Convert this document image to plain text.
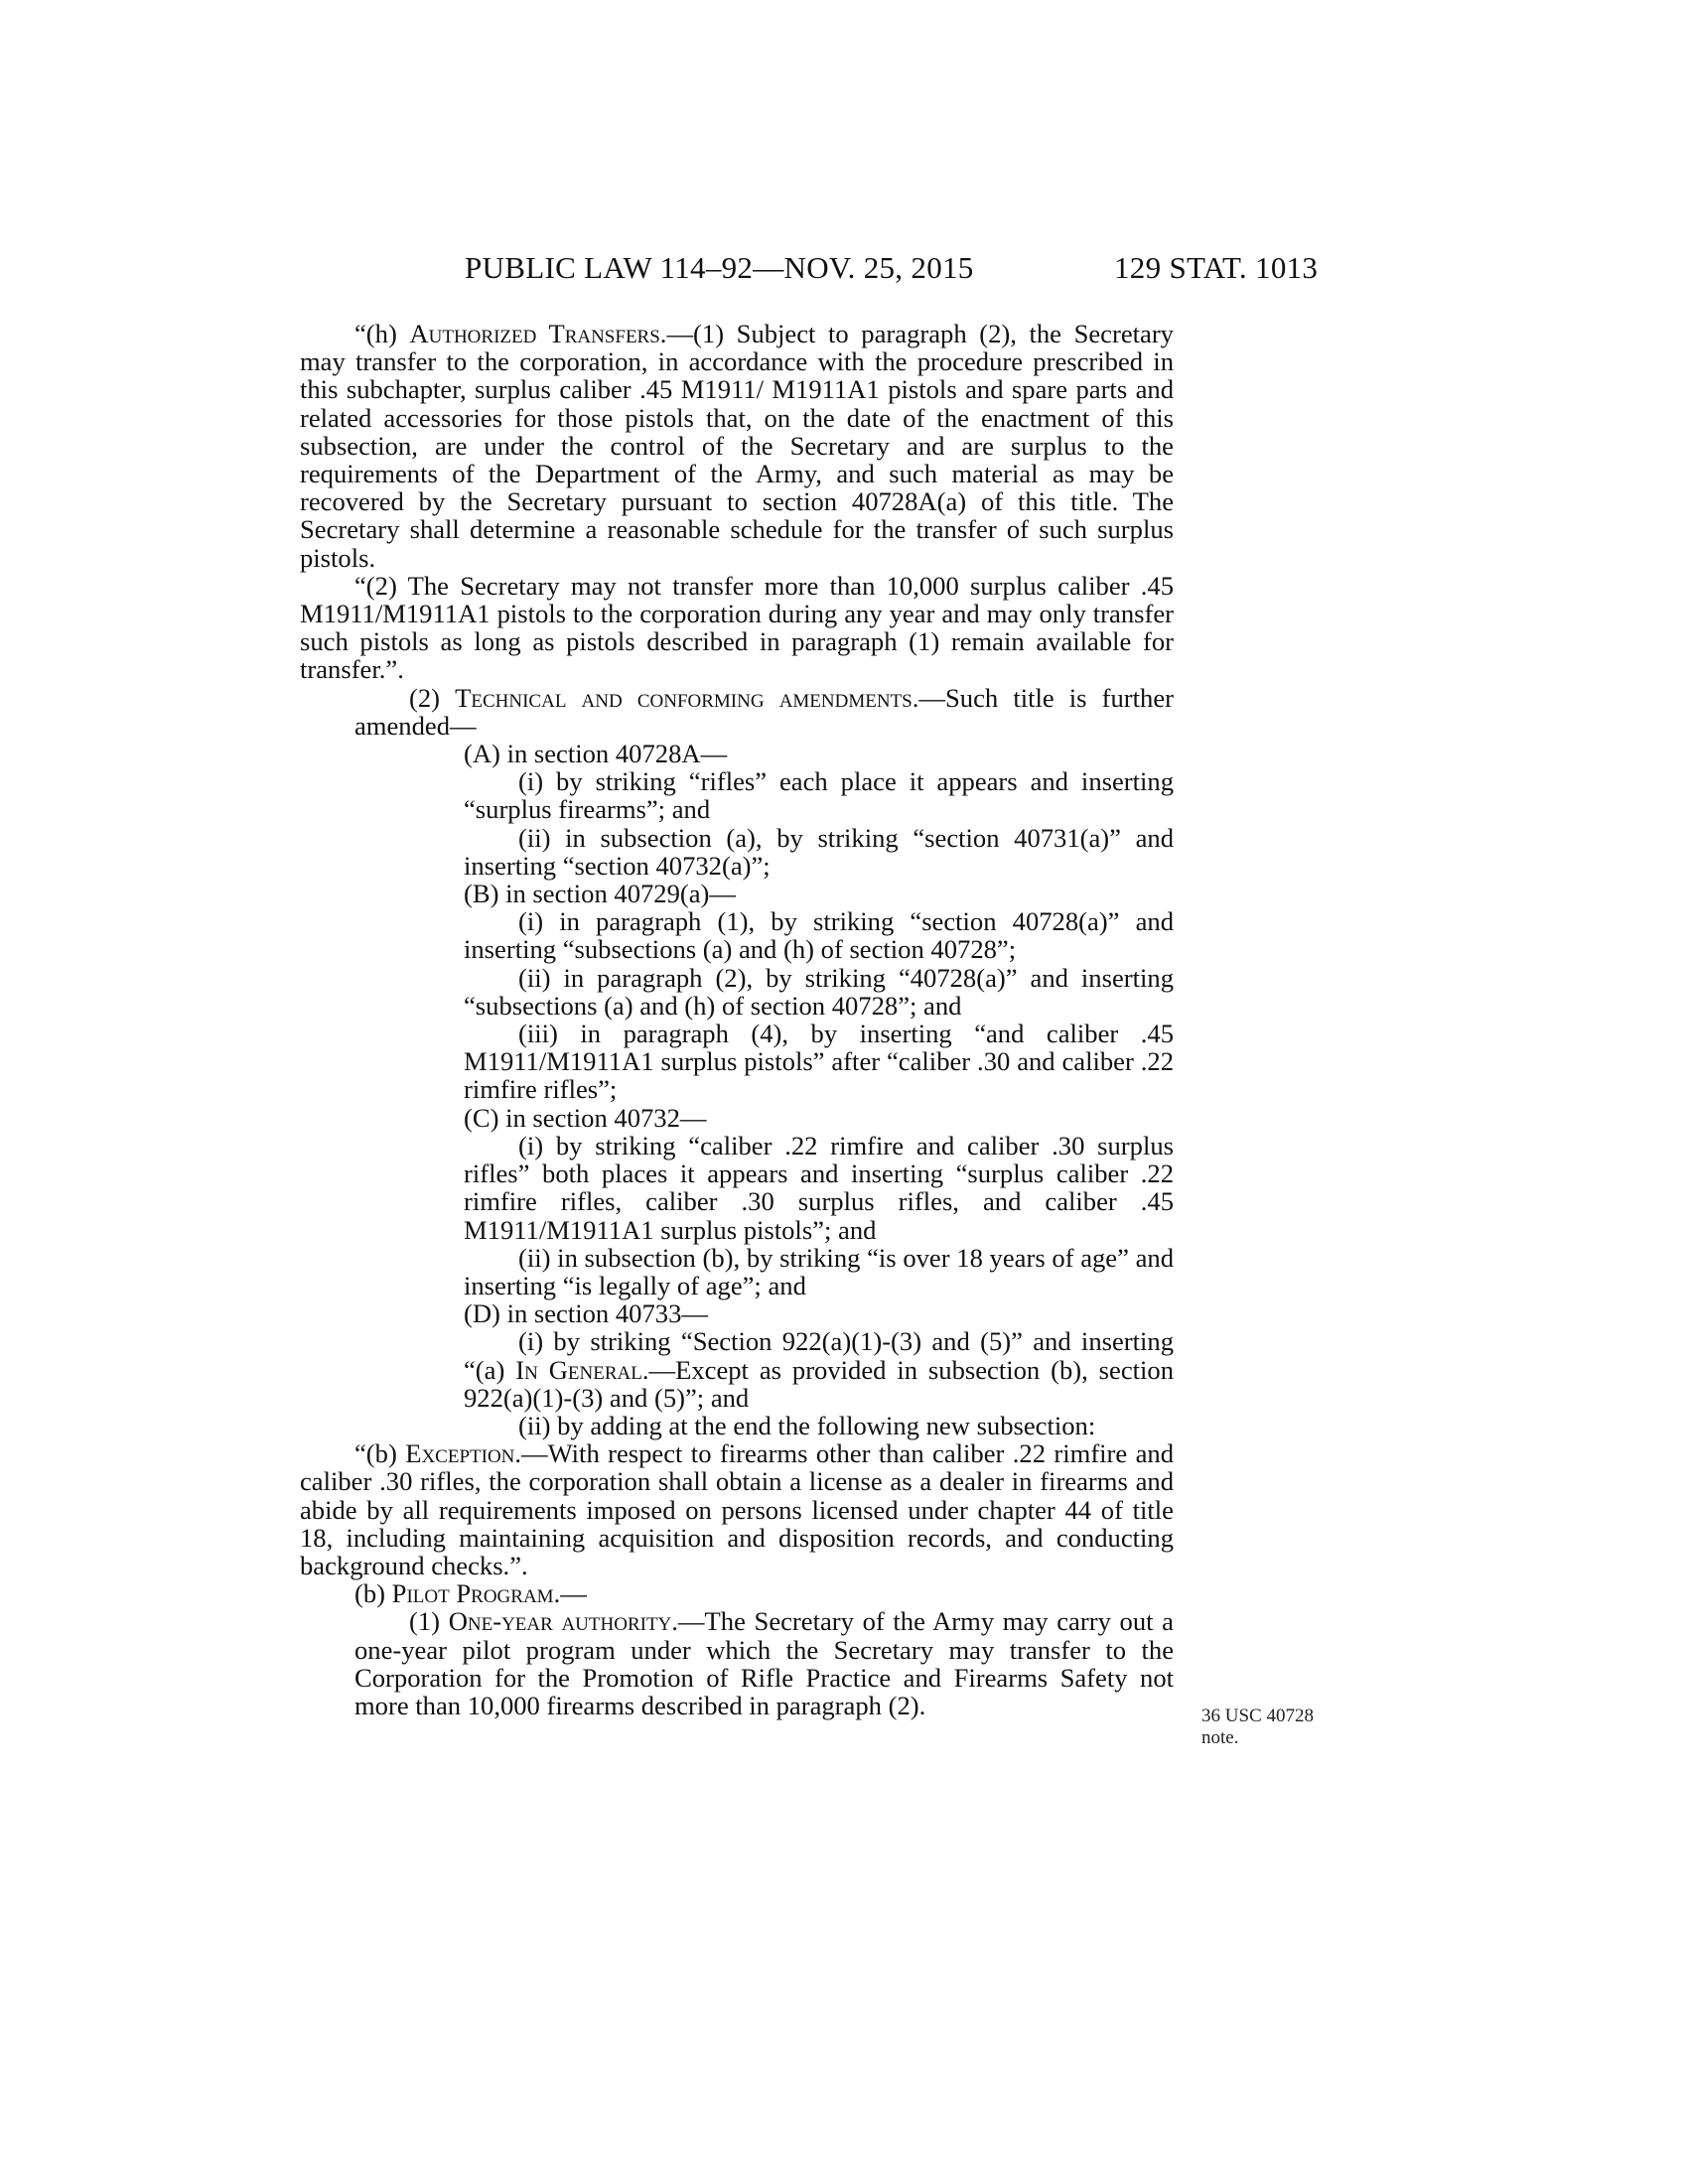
PUBLIC LAW 114–92—NOV. 25, 2015	129 STAT. 1013

“(h) Authorized Transfers.—(1) Subject to paragraph (2), the Secretary may transfer to the corporation, in accordance with the procedure prescribed in this subchapter, surplus caliber .45 M1911/ M1911A1 pistols and spare parts and related accessories for those pistols that, on the date of the enactment of this subsection, are under the control of the Secretary and are surplus to the requirements of the Department of the Army, and such material as may be recovered by the Secretary pursuant to section 40728A(a) of this title. The Secretary shall determine a reasonable schedule for the transfer of such surplus pistols.

“(2) The Secretary may not transfer more than 10,000 surplus caliber .45 M1911/M1911A1 pistols to the corporation during any year and may only transfer such pistols as long as pistols described in paragraph (1) remain available for transfer.”.

(2) Technical and conforming amendments.—Such title is further amended—

(A) in section 40728A—

(i) by striking “rifles” each place it appears and inserting “surplus firearms”; and

(ii) in subsection (a), by striking “section 40731(a)” and inserting “section 40732(a)”;

(B) in section 40729(a)—

(i) in paragraph (1), by striking “section 40728(a)” and inserting “subsections (a) and (h) of section 40728”;

(ii) in paragraph (2), by striking “40728(a)” and inserting “subsections (a) and (h) of section 40728”; and

(iii) in paragraph (4), by inserting “and caliber .45 M1911/M1911A1 surplus pistols” after “caliber .30 and caliber .22 rimfire rifles”;

(C) in section 40732—

(i) by striking “caliber .22 rimfire and caliber .30 surplus rifles” both places it appears and inserting “surplus caliber .22 rimfire rifles, caliber .30 surplus rifles, and caliber .45 M1911/M1911A1 surplus pistols”; and

(ii) in subsection (b), by striking “is over 18 years of age” and inserting “is legally of age”; and

(D) in section 40733—

(i) by striking “Section 922(a)(1)-(3) and (5)” and inserting “(a) In General.—Except as provided in subsection (b), section 922(a)(1)-(3) and (5)”; and

(ii) by adding at the end the following new subsection:

“(b) Exception.—With respect to firearms other than caliber .22 rimfire and caliber .30 rifles, the corporation shall obtain a license as a dealer in firearms and abide by all requirements imposed on persons licensed under chapter 44 of title 18, including maintaining acquisition and disposition records, and conducting background checks.”.

(b) Pilot Program.—

(1) One-year authority.—The Secretary of the Army may carry out a one-year pilot program under which the Secretary may transfer to the Corporation for the Promotion of Rifle Practice and Firearms Safety not more than 10,000 firearms described in paragraph (2).	36 USC 40728
note.
